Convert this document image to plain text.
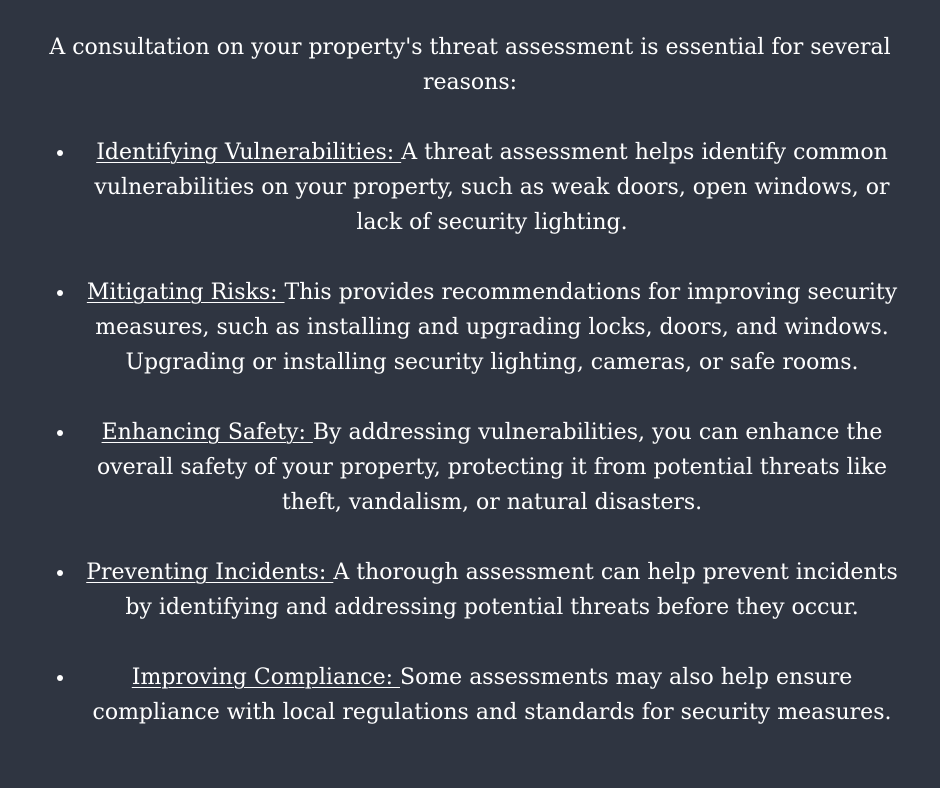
A consultation on your property's threat assessment is essential for several reasons:

Identifying Vulnerabilities: A threat assessment helps identify common vulnerabilities on your property, such as weak doors, open windows, or lack of security lighting.
Mitigating Risks: This provides recommendations for improving security measures, such as installing and upgrading locks, doors, and windows. Upgrading or installing security lighting, cameras, or safe rooms.
Enhancing Safety: By addressing vulnerabilities, you can enhance the overall safety of your property, protecting it from potential threats like theft, vandalism, or natural disasters.
Preventing Incidents: A thorough assessment can help prevent incidents by identifying and addressing potential threats before they occur.
Improving Compliance: Some assessments may also help ensure compliance with local regulations and standards for security measures.
